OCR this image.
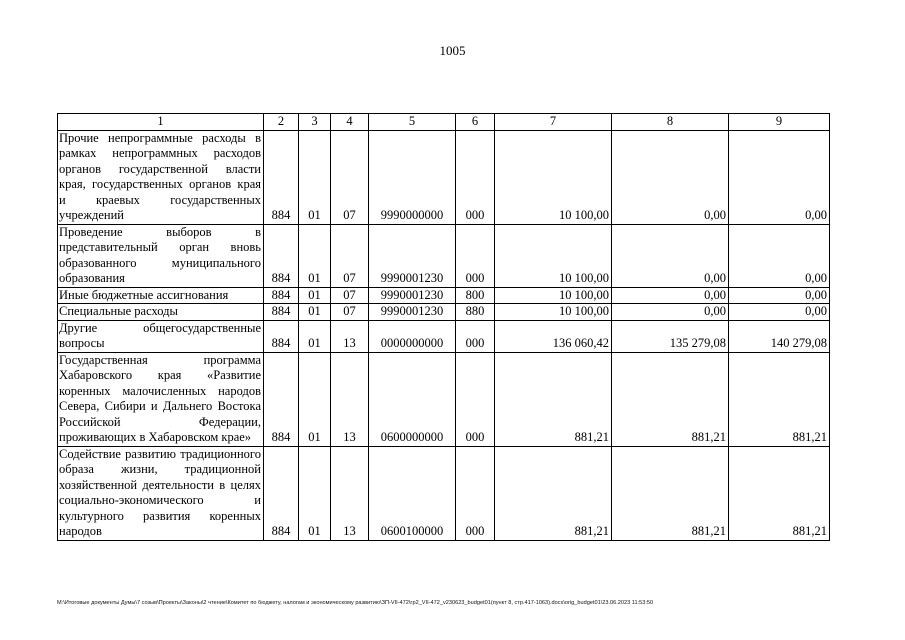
1005
1	2	3	4	5	6	7	8	9
Прочие непрограммные расходы в рамках непрограммных расходов органов государственной власти края, государственных органов края и краевых государственных учреждений	884	01	07	9990000000	000	10 100,00	0,00	0,00
Проведение выборов в представительный орган вновь образованного муниципального образования	884	01	07	9990001230	000	10 100,00	0,00	0,00
Иные бюджетные ассигнования	884	01	07	9990001230	800	10 100,00	0,00	0,00
Специальные расходы	884	01	07	9990001230	880	10 100,00	0,00	0,00
Другие общегосударственные вопросы	884	01	13	0000000000	000	136 060,42	135 279,08	140 279,08
Государственная программа Хабаровского края «Развитие коренных малочисленных народов Севера, Сибири и Дальнего Востока Российской Федерации, проживающих в Хабаровском крае»	884	01	13	0600000000	000	881,21	881,21	881,21
Содействие развитию традиционного образа жизни, традиционной хозяйственной деятельности в целях социально-экономического и культурного развития коренных народов	884	01	13	0600100000	000	881,21	881,21	881,21
M:\Итоговые документы Думы\7 созыв\Проекты\Законы\2 чтение\Комитет по бюджету, налогам и экономическому развитию\ЗП-VII-472\гр2_VII-472_v230623_budget01(пункт 8, стр.417-1063).docx\orig_budget01\23.06.2023 11:53:50
